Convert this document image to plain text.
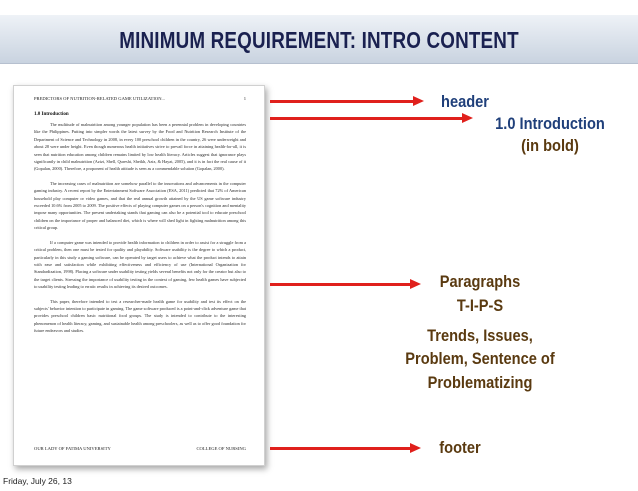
MINIMUM REQUIREMENT: INTRO CONTENT
PREDICTORS OF NUTRITION-RELATED GAME UTILIZATION...	1
1.0 Introduction

The multitude of malnutrition among younger population has been a perennial problem in developing countries like the Philippines. Putting into simpler words the latest survey by the Food and Nutrition Research Institute of the Department of Science and Technology in 2008, in every 100 preschool children in the country, 26 were underweight and about 28 were under height. Even though numerous health initiatives strive to prevail force in attaining health-for-all, it is seen that nutrition education among children remains limited by low health literacy. Articles suggest that ignorance plays significantly in child malnutrition (Azizi, Shell, Qureshi, Sheikh, Aziz, & Hayat, 2005), and it is in fact the real cause of it (Gopalan, 2000). Therefore, a proponent of health attitude is seen as a commendable solution (Gopalan, 2000).

The increasing cases of malnutrition are somehow parallel to the innovations and advancements in the computer gaming industry. A recent report by the Entertainment Software Association (ESA, 2011) predicted that 72% of American household play computer or video games, and that the real annual growth attained by the US game software industry exceeded 10.6% from 2005 to 2009. The positive effects of playing computer games on a person's cognition and mentality impose many opportunities. The present undertaking stands that gaming can also be a potential tool to educate preschool children on the importance of proper and balanced diet, which is where will shed light in fighting malnutrition among this critical group.

If a computer game was intended to provide health information to children in order to assist for a struggle from a critical problem, then one must be tested for quality and playability. Software usability is the degree to which a product, particularly in this study a gaming software, can be operated by target users to achieve what the product intends to attain with ease and satisfaction while exhibiting effectiveness and efficiency of use (International Organization for Standardization, 1998). Placing a software under usability testing yields several benefits not only for the creator but also to the target clients. Stressing the importance of usability testing in the context of gaming, few health games have subjected to usability testing leading to erratic results in achieving its desired outcomes.

This paper, therefore intended to test a researcher-made health game for usability and test its effect on the subjects' behavior intention to participate in gaming. The game software produced is a point-and-click adventure game that provides preschool children basic nutritional food groups. The study is intended to contribute to the interesting phenomenon of health literacy, gaming, and sustainable health among preschoolers, as well as to offer good foundation for future endeavors and studies.

OUR LADY OF FATIMA UNIVERSITY	COLLEGE OF NURSING
header
1.0 Introduction
(in bold)
Paragraphs
T-I-P-S
Trends, Issues,
Problem, Sentence of
Problematizing
footer
Friday, July 26, 13
